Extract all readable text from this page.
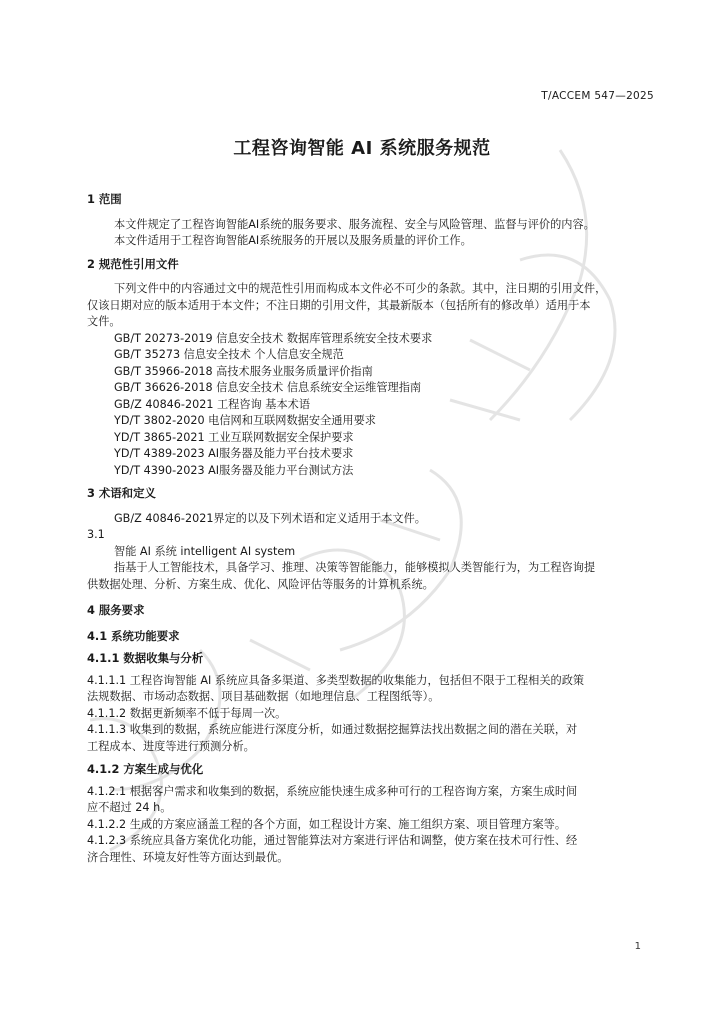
T/ACCEM 547—2025
工程咨询智能 AI 系统服务规范
1 范围
本文件规定了工程咨询智能AI系统的服务要求、服务流程、安全与风险管理、监督与评价的内容。
本文件适用于工程咨询智能AI系统服务的开展以及服务质量的评价工作。
2 规范性引用文件
下列文件中的内容通过文中的规范性引用而构成本文件必不可少的条款。其中，注日期的引用文件，
仅该日期对应的版本适用于本文件；不注日期的引用文件，其最新版本（包括所有的修改单）适用于本
文件。
GB/T 20273-2019 信息安全技术 数据库管理系统安全技术要求
GB/T 35273 信息安全技术 个人信息安全规范
GB/T 35966-2018 高技术服务业服务质量评价指南
GB/T 36626-2018 信息安全技术 信息系统安全运维管理指南
GB/Z 40846-2021 工程咨询 基本术语
YD/T 3802-2020 电信网和互联网数据安全通用要求
YD/T 3865-2021 工业互联网数据安全保护要求
YD/T 4389-2023 AI服务器及能力平台技术要求
YD/T 4390-2023 AI服务器及能力平台测试方法
3 术语和定义
GB/Z 40846-2021界定的以及下列术语和定义适用于本文件。
3.1
智能 AI 系统 intelligent AI system
指基于人工智能技术，具备学习、推理、决策等智能能力，能够模拟人类智能行为，为工程咨询提
供数据处理、分析、方案生成、优化、风险评估等服务的计算机系统。
4 服务要求
4.1 系统功能要求
4.1.1 数据收集与分析
4.1.1.1 工程咨询智能 AI 系统应具备多渠道、多类型数据的收集能力，包括但不限于工程相关的政策
法规数据、市场动态数据、项目基础数据（如地理信息、工程图纸等）。
4.1.1.2 数据更新频率不低于每周一次。
4.1.1.3 收集到的数据，系统应能进行深度分析，如通过数据挖掘算法找出数据之间的潜在关联，对
工程成本、进度等进行预测分析。
4.1.2 方案生成与优化
4.1.2.1 根据客户需求和收集到的数据，系统应能快速生成多种可行的工程咨询方案，方案生成时间
应不超过 24 h。
4.1.2.2 生成的方案应涵盖工程的各个方面，如工程设计方案、施工组织方案、项目管理方案等。
4.1.2.3 系统应具备方案优化功能，通过智能算法对方案进行评估和调整，使方案在技术可行性、经
济合理性、环境友好性等方面达到最优。
1
